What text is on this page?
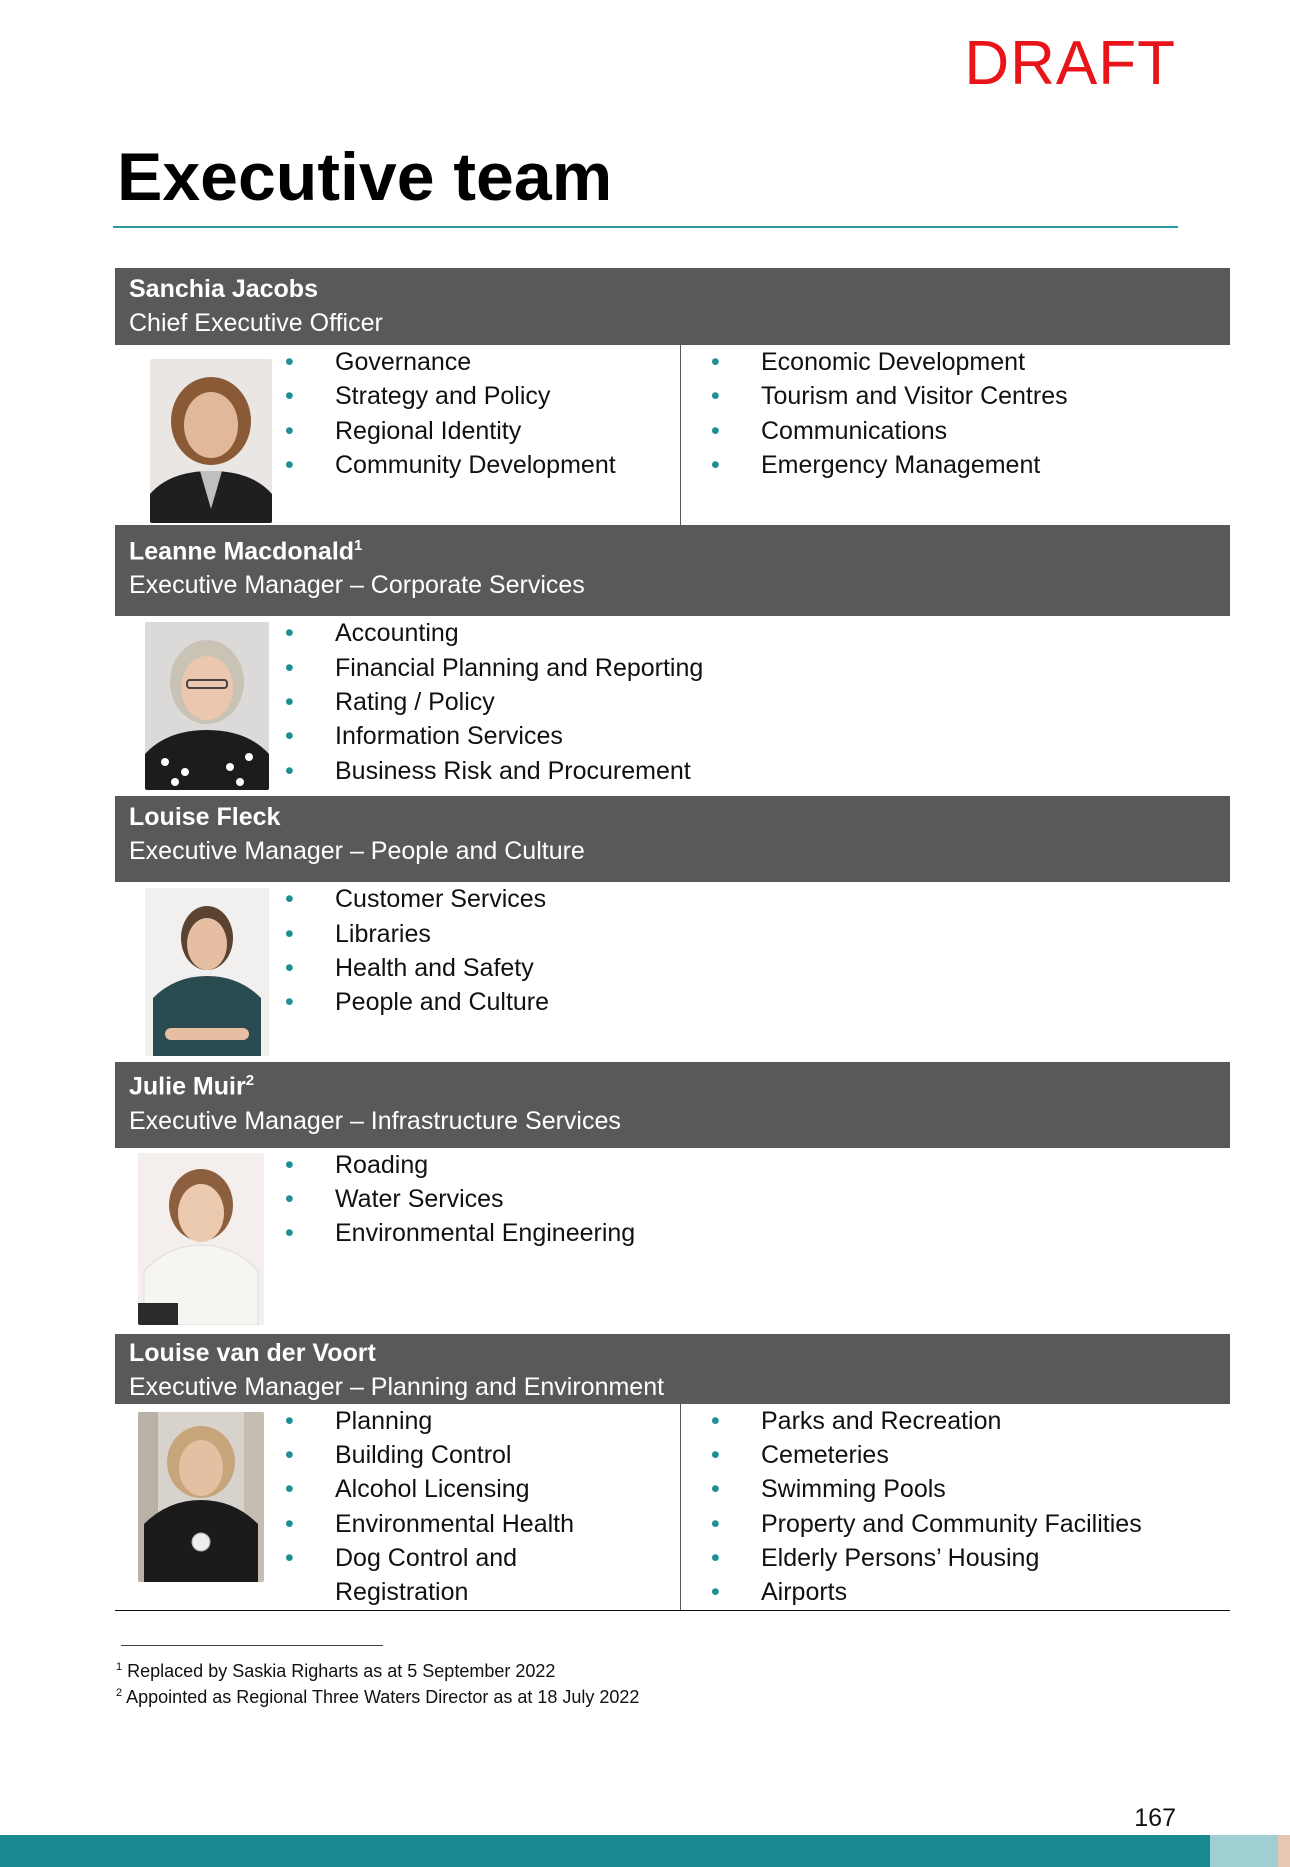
DRAFT
Executive team
Sanchia Jacobs
Chief Executive Officer
• Governance
• Strategy and Policy
• Regional Identity
• Community Development
• Economic Development
• Tourism and Visitor Centres
• Communications
• Emergency Management
Leanne Macdonald$^1$
Executive Manager – Corporate Services
• Accounting
• Financial Planning and Reporting
• Rating / Policy
• Information Services
• Business Risk and Procurement
Louise Fleck
Executive Manager – People and Culture
• Customer Services
• Libraries
• Health and Safety
• People and Culture
Julie Muir$^2$
Executive Manager – Infrastructure Services
• Roading
• Water Services
• Environmental Engineering
Louise van der Voort
Executive Manager – Planning and Environment
• Planning
• Building Control
• Alcohol Licensing
• Environmental Health
• Dog Control and
Registration
• Parks and Recreation
• Cemeteries
• Swimming Pools
• Property and Community Facilities
• Elderly Persons’ Housing
• Airports
$^1$ Replaced by Saskia Righarts as at 5 September 2022
$^2$ Appointed as Regional Three Waters Director as at 18 July 2022
167
